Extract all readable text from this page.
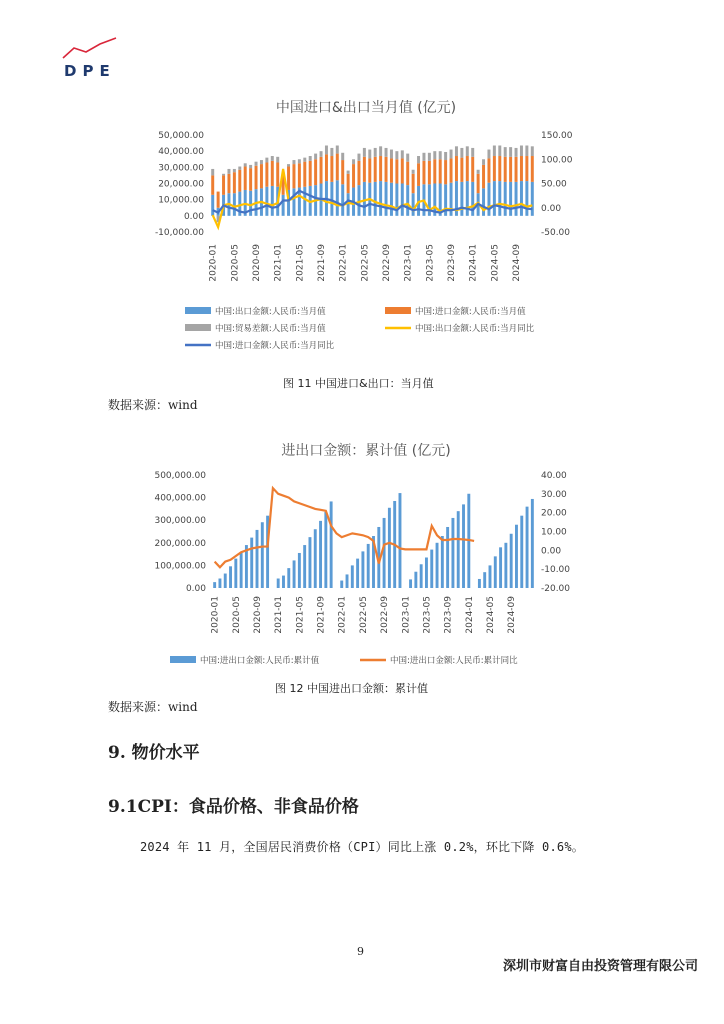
DPE
中国进口&出口当月值 (亿元)
50,000.00
40,000.00
30,000.00
20,000.00
10,000.00
0.00
-10,000.00
150.00
100.00
50.00
0.00
-50.00
2020-01 2020-05 2020-09 2021-01 2021-05 2021-09 2022-01 2022-05 2022-09 2023-01 2023-05 2023-09 2024-01 2024-05 2024-09
中国:出口金额:人民币:当月值	中国:进口金额:人民币:当月值
中国:贸易差额:人民币:当月值	中国:出口金额:人民币:当月同比
中国:进口金额:人民币:当月同比
图 11 中国进口&出口：当月值
数据来源：wind
进出口金额：累计值 (亿元)
500,000.00
400,000.00
300,000.00
200,000.00
100,000.00
0.00
40.00
30.00
20.00
10.00
0.00
-10.00
-20.00
2020-01 2020-05 2020-09 2021-01 2021-05 2021-09 2022-01 2022-05 2022-09 2023-01 2023-05 2023-09 2024-01 2024-05 2024-09
中国:进出口金额:人民币:累计值	中国:进出口金额:人民币:累计同比
图 12 中国进出口金额：累计值
数据来源：wind
9. 物价水平
9.1CPI：食品价格、非食品价格
2024 年 11 月，全国居民消费价格（CPI）同比上涨 0.2%，环比下降 0.6%。
9
深圳市财富自由投资管理有限公司
